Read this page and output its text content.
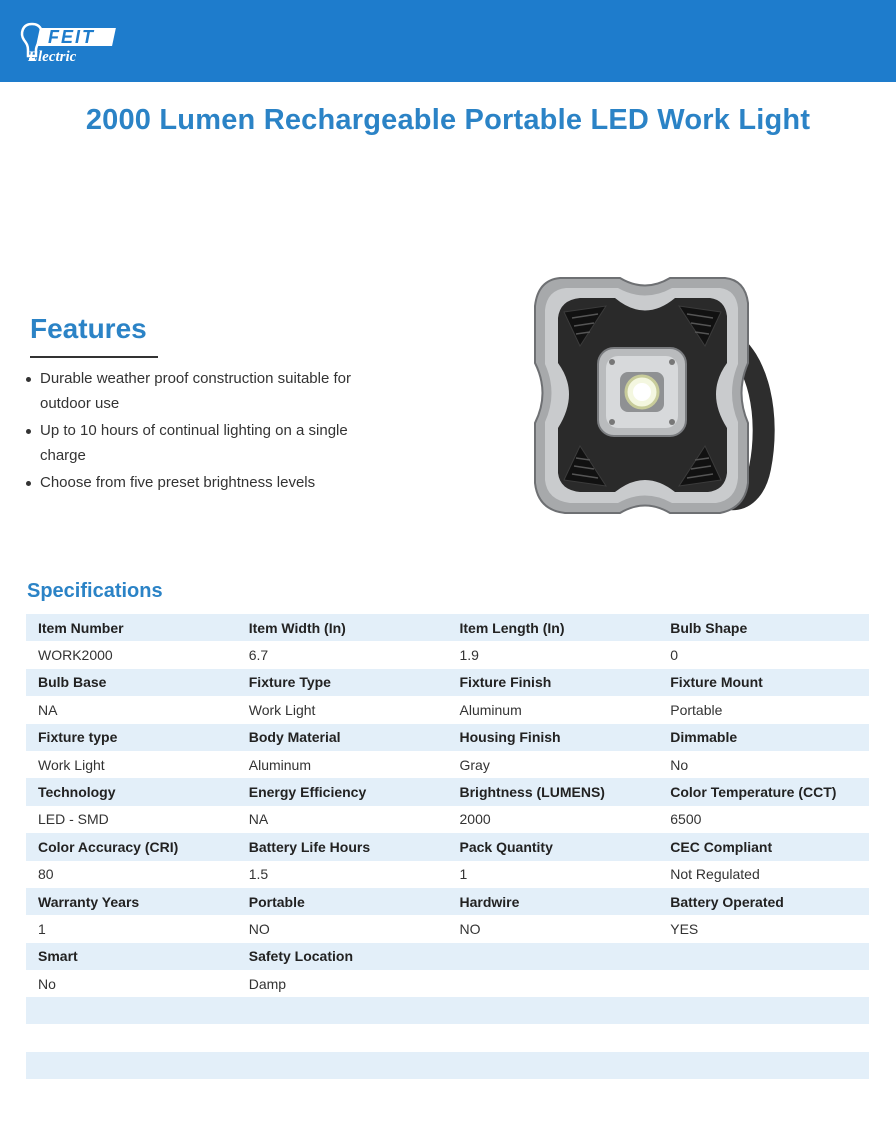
FEIT
Electric
2000 Lumen Rechargeable Portable LED Work Light
Features
Durable weather proof construction suitable for outdoor use
Up to 10 hours of continual lighting on a single charge
Choose from five preset brightness levels
Specifications
Item Number	Item Width (In)	Item Length (In)	Bulb Shape
WORK2000	6.7	1.9	0
Bulb Base	Fixture Type	Fixture Finish	Fixture Mount
NA	Work Light	Aluminum	Portable
Fixture type	Body Material	Housing Finish	Dimmable
Work Light	Aluminum	Gray	No
Technology	Energy Efficiency	Brightness (LUMENS)	Color Temperature (CCT)
LED - SMD	NA	2000	6500
Color Accuracy (CRI)	Battery Life Hours	Pack Quantity	CEC Compliant
80	1.5	1	Not Regulated
Warranty Years	Portable	Hardwire	Battery Operated
1	NO	NO	YES
Smart	Safety Location		
No	Damp		
